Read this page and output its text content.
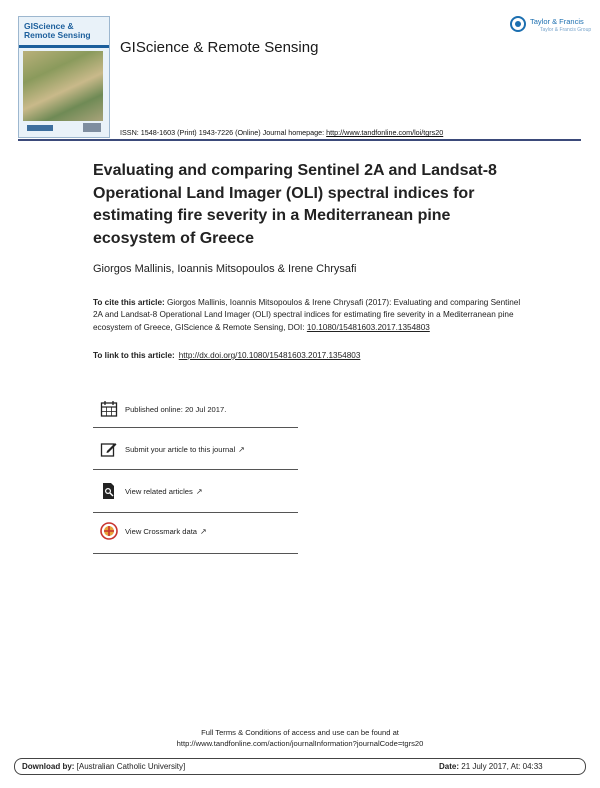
GIScience &
Remote Sensing
GIScience & Remote Sensing
Taylor & Francis
Taylor & Francis Group
ISSN: 1548-1603 (Print) 1943-7226 (Online) Journal homepage: http://www.tandfonline.com/loi/tgrs20
Evaluating and comparing Sentinel 2A and Landsat-8 Operational Land Imager (OLI) spectral indices for estimating fire severity in a Mediterranean pine ecosystem of Greece
Giorgos Mallinis, Ioannis Mitsopoulos & Irene Chrysafi
To cite this article: Giorgos Mallinis, Ioannis Mitsopoulos & Irene Chrysafi (2017): Evaluating and comparing Sentinel 2A and Landsat-8 Operational Land Imager (OLI) spectral indices for estimating fire severity in a Mediterranean pine ecosystem of Greece, GIScience & Remote Sensing, DOI: 10.1080/15481603.2017.1354803
To link to this article: http://dx.doi.org/10.1080/15481603.2017.1354803
Published online: 20 Jul 2017.
Submit your article to this journal ↗
View related articles ↗
View Crossmark data ↗
Full Terms & Conditions of access and use can be found at
http://www.tandfonline.com/action/journalInformation?journalCode=tgrs20
Download by: [Australian Catholic University]	Date: 21 July 2017, At: 04:33
